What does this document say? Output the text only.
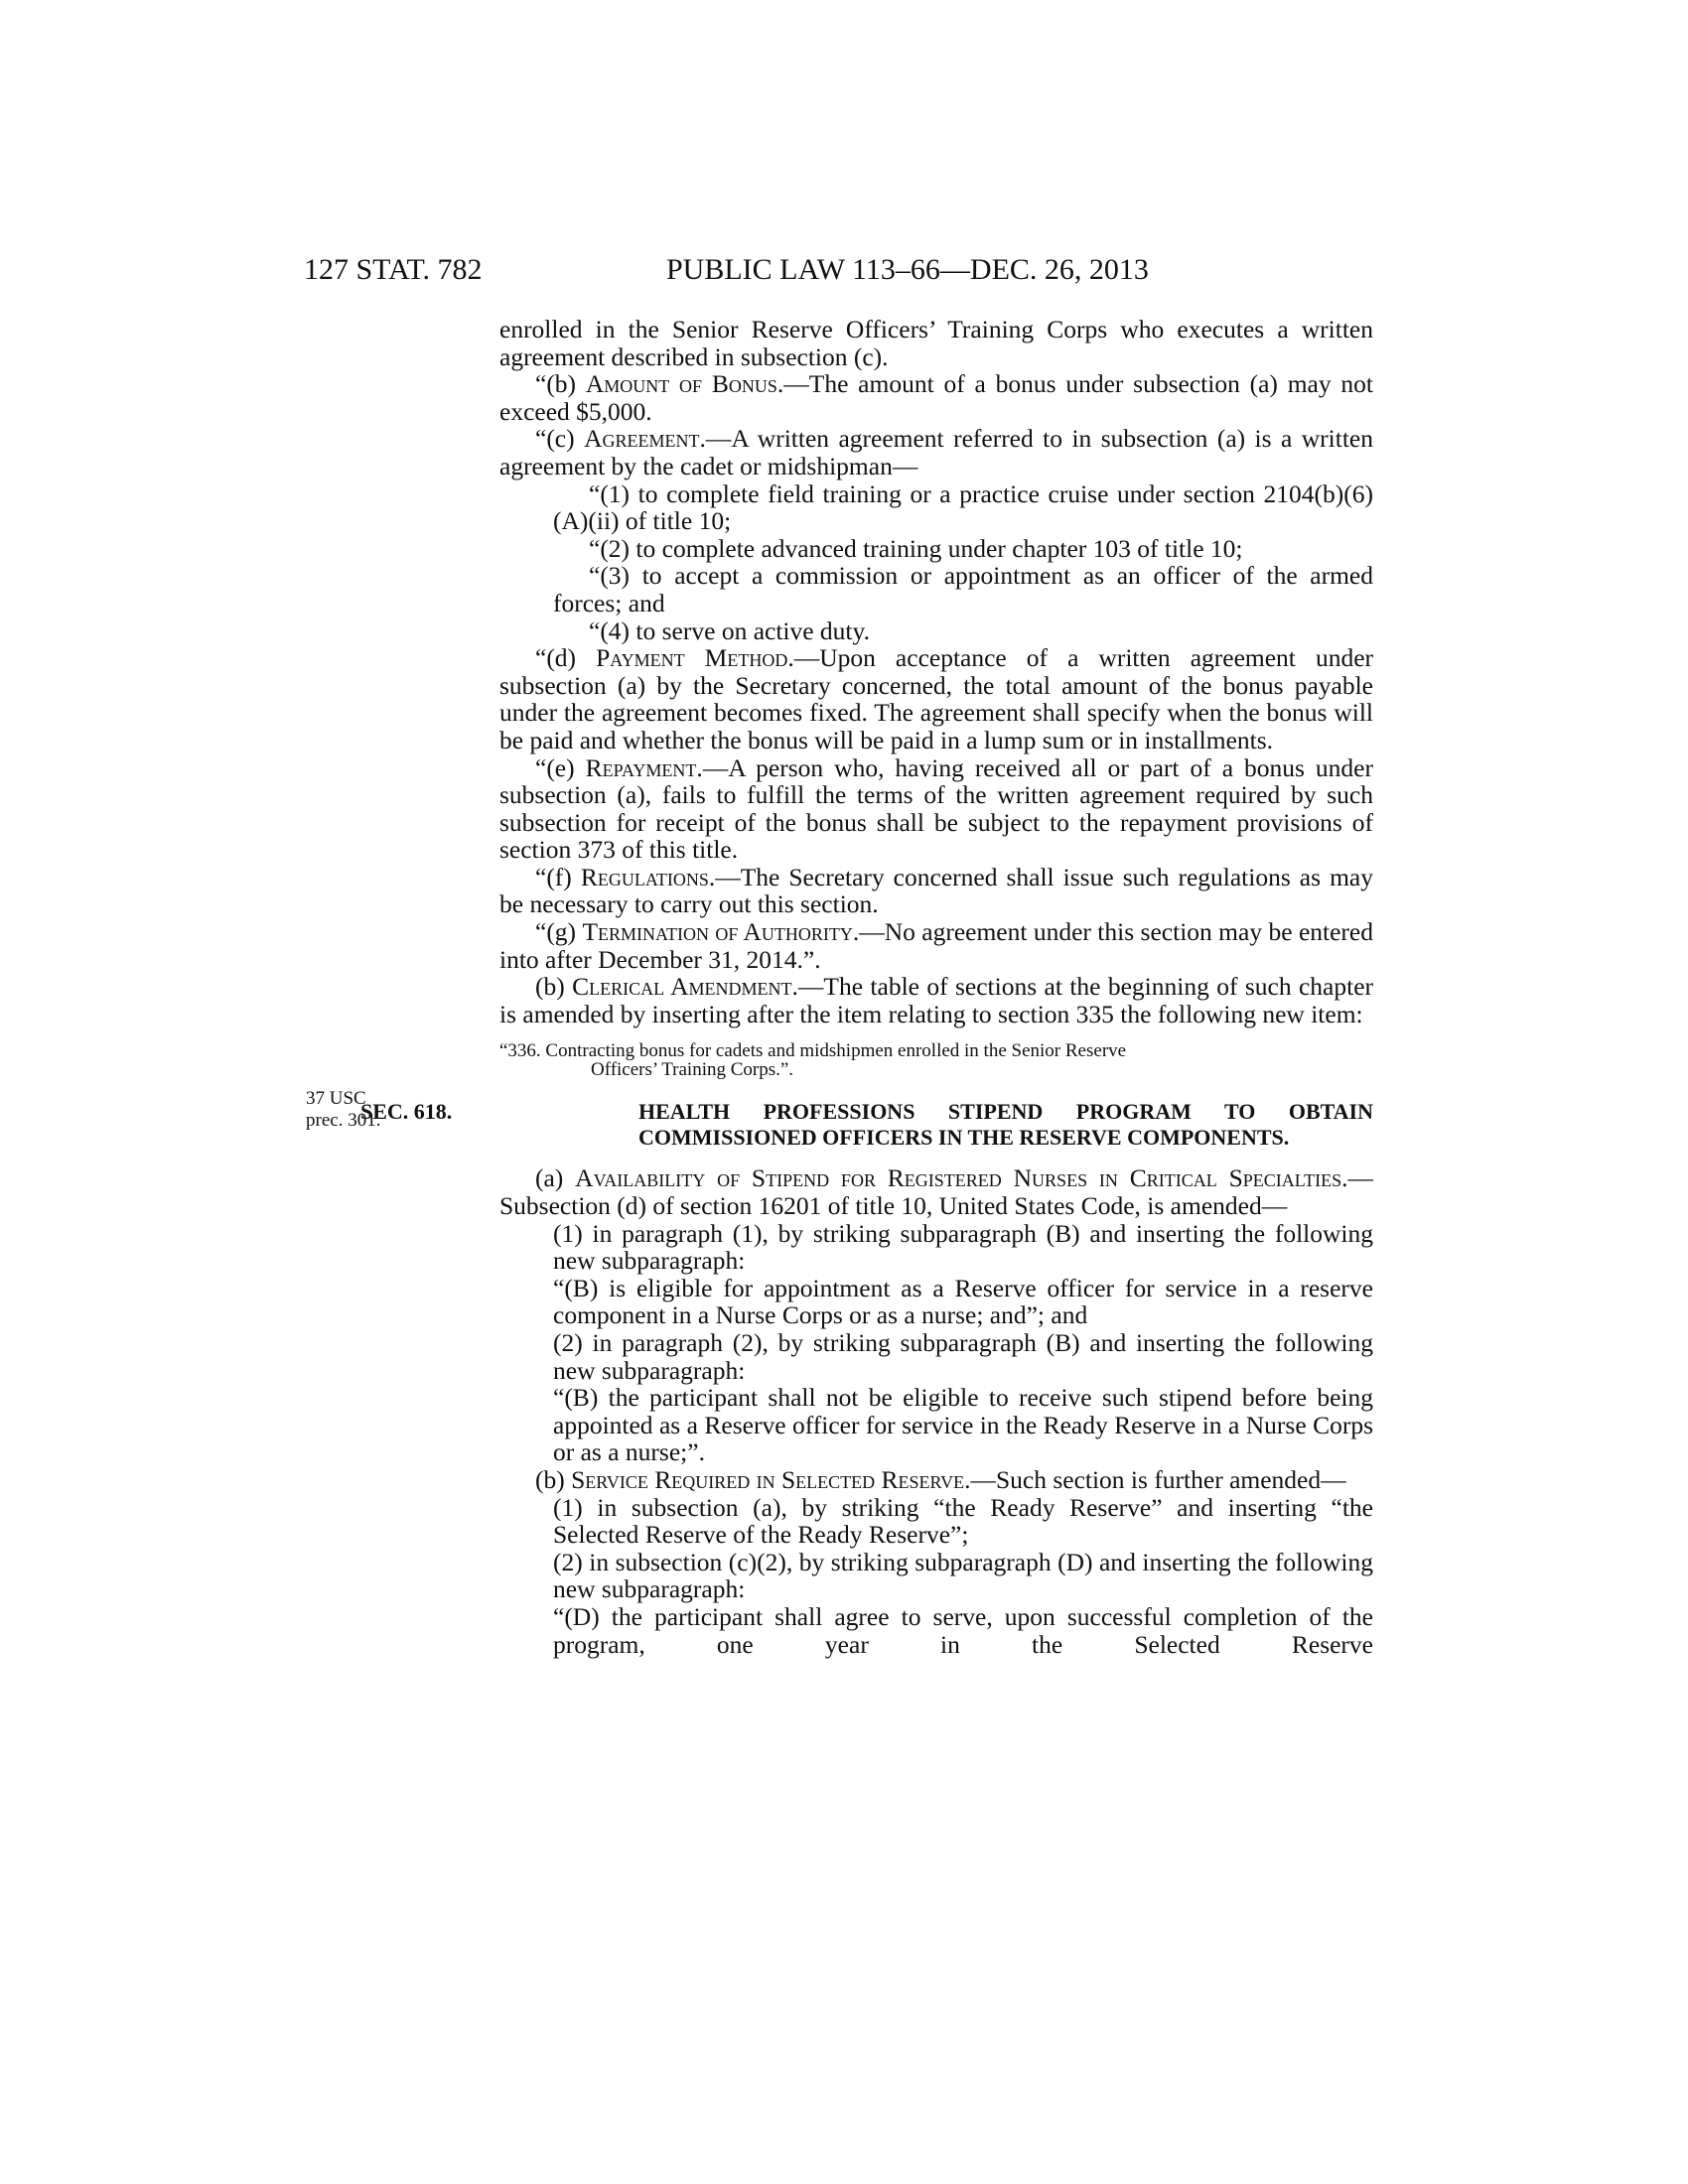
127 STAT. 782	PUBLIC LAW 113–66—DEC. 26, 2013
37 USC
prec. 301.

enrolled in the Senior Reserve Officers’ Training Corps who executes a written agreement described in subsection (c).

“(b) Amount of Bonus.—The amount of a bonus under subsection (a) may not exceed $5,000.

“(c) Agreement.—A written agreement referred to in subsection (a) is a written agreement by the cadet or midshipman—

“(1) to complete field training or a practice cruise under section 2104(b)(6)(A)(ii) of title 10;

“(2) to complete advanced training under chapter 103 of title 10;

“(3) to accept a commission or appointment as an officer of the armed forces; and

“(4) to serve on active duty.

“(d) Payment Method.—Upon acceptance of a written agreement under subsection (a) by the Secretary concerned, the total amount of the bonus payable under the agreement becomes fixed. The agreement shall specify when the bonus will be paid and whether the bonus will be paid in a lump sum or in installments.

“(e) Repayment.—A person who, having received all or part of a bonus under subsection (a), fails to fulfill the terms of the written agreement required by such subsection for receipt of the bonus shall be subject to the repayment provisions of section 373 of this title.

“(f) Regulations.—The Secretary concerned shall issue such regulations as may be necessary to carry out this section.

“(g) Termination of Authority.—No agreement under this section may be entered into after December 31, 2014.”.

(b) Clerical Amendment.—The table of sections at the beginning of such chapter is amended by inserting after the item relating to section 335 the following new item:

“336. Contracting bonus for cadets and midshipmen enrolled in the Senior Reserve
Officers’ Training Corps.”.
SEC. 618.	HEALTH PROFESSIONS STIPEND PROGRAM TO OBTAIN COMMISSIONED OFFICERS IN THE RESERVE COMPONENTS.

(a) Availability of Stipend for Registered Nurses in Critical Specialties.—Subsection (d) of section 16201 of title 10, United States Code, is amended—

(1) in paragraph (1), by striking subparagraph (B) and inserting the following new subparagraph:

“(B) is eligible for appointment as a Reserve officer for service in a reserve component in a Nurse Corps or as a nurse; and”; and

(2) in paragraph (2), by striking subparagraph (B) and inserting the following new subparagraph:

“(B) the participant shall not be eligible to receive such stipend before being appointed as a Reserve officer for service in the Ready Reserve in a Nurse Corps or as a nurse;”.

(b) Service Required in Selected Reserve.—Such section is further amended—

(1) in subsection (a), by striking “the Ready Reserve” and inserting “the Selected Reserve of the Ready Reserve”;

(2) in subsection (c)(2), by striking subparagraph (D) and inserting the following new subparagraph:

“(D) the participant shall agree to serve, upon successful completion of the program, one year in the Selected Reserve
